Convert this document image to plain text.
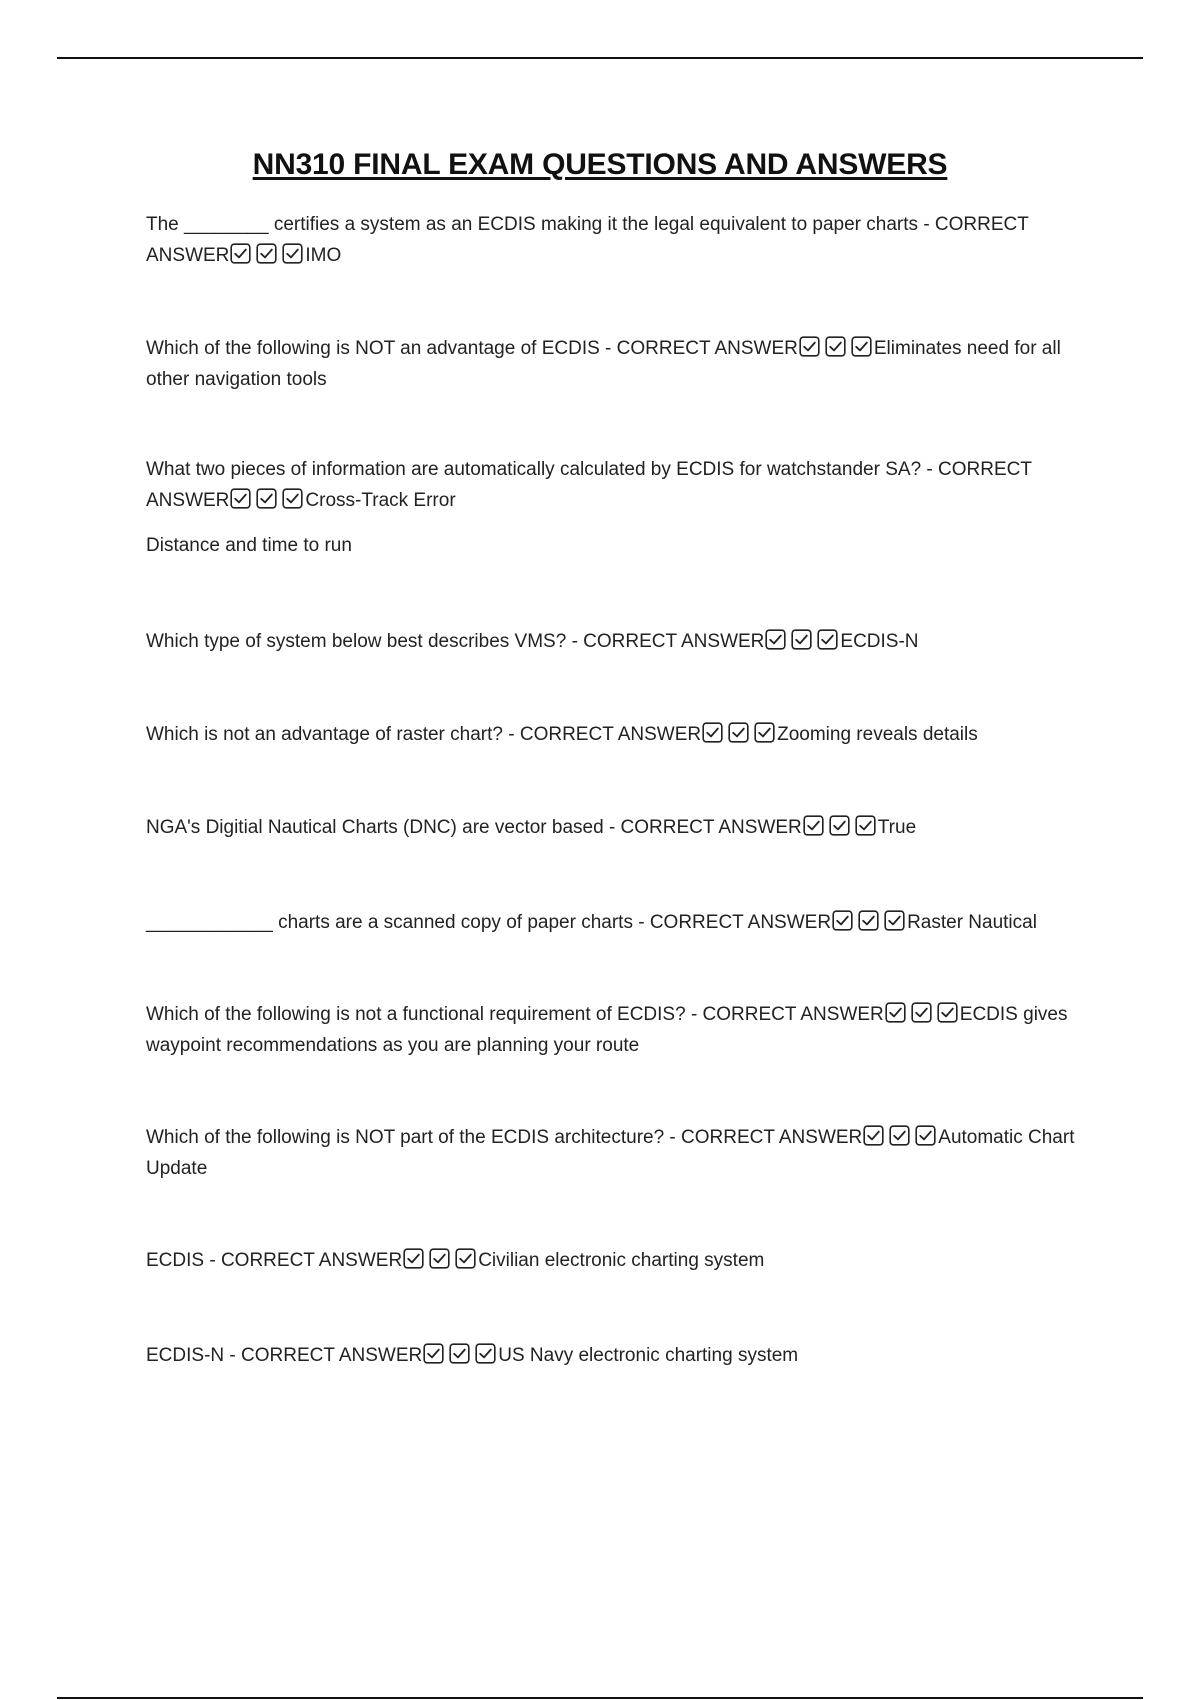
NN310 FINAL EXAM QUESTIONS AND ANSWERS
The ________ certifies a system as an ECDIS making it the legal equivalent to paper charts - CORRECT ANSWER	IMO
Which of the following is NOT an advantage of ECDIS - CORRECT ANSWER	Eliminates need for all other navigation tools
What two pieces of information are automatically calculated by ECDIS for watchstander SA? - CORRECT ANSWER	Cross-Track Error
Distance and time to run
Which type of system below best describes VMS? - CORRECT ANSWER	ECDIS-N
Which is not an advantage of raster chart? - CORRECT ANSWER	Zooming reveals details
NGA's Digitial Nautical Charts (DNC) are vector based - CORRECT ANSWER	True
____________ charts are a scanned copy of paper charts - CORRECT ANSWER	Raster Nautical
Which of the following is not a functional requirement of ECDIS? - CORRECT ANSWER	ECDIS gives waypoint recommendations as you are planning your route
Which of the following is NOT part of the ECDIS architecture? - CORRECT ANSWER	Automatic Chart Update
ECDIS - CORRECT ANSWER	Civilian electronic charting system
ECDIS-N - CORRECT ANSWER	US Navy electronic charting system
